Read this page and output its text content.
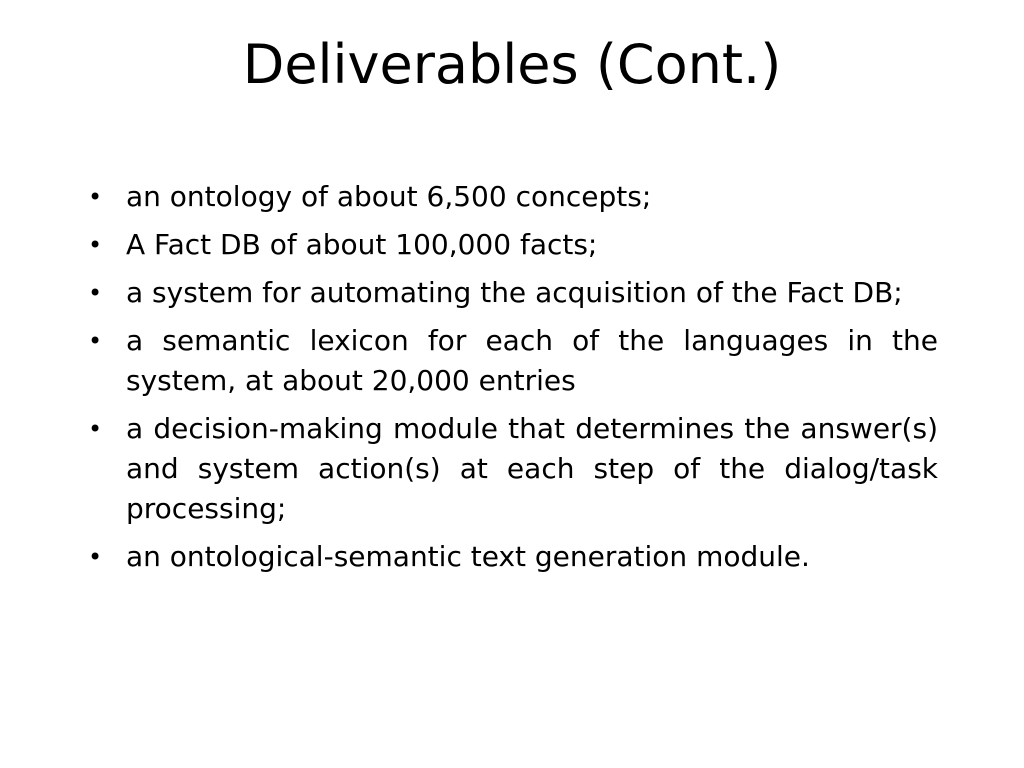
Deliverables (Cont.)
• an ontology of about 6,500 concepts;
• A Fact DB of about 100,000 facts;
• a system for automating the acquisition of the Fact DB;
• a semantic lexicon for each of the languages in the system, at about 20,000 entries
• a decision-making module that determines the answer(s) and system action(s) at each step of the dialog/task processing;
• an ontological-semantic text generation module.
